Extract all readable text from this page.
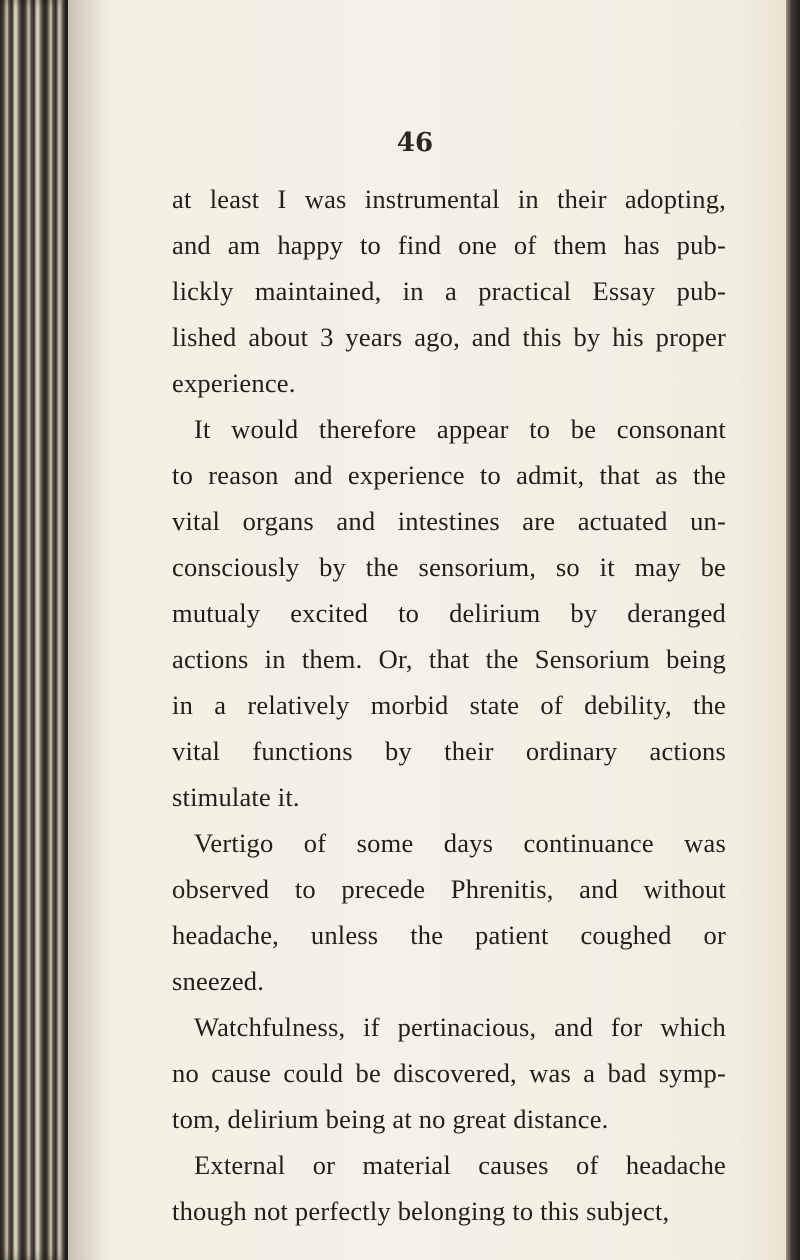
46
at least I was instrumental in their adopting,
and am happy to find one of them has pub-
lickly maintained, in a practical Essay pub-
lished about 3 years ago, and this by his proper
experience.
It would therefore appear to be consonant
to reason and experience to admit, that as the
vital organs and intestines are actuated un-
consciously by the sensorium, so it may be
mutualy excited to delirium by deranged
actions in them. Or, that the Sensorium being
in a relatively morbid state of debility, the
vital functions by their ordinary actions
stimulate it.
Vertigo of some days continuance was
observed to precede Phrenitis, and without
headache, unless the patient coughed or
sneezed.
Watchfulness, if pertinacious, and for which
no cause could be discovered, was a bad symp-
tom, delirium being at no great distance.
External or material causes of headache
though not perfectly belonging to this subject,
